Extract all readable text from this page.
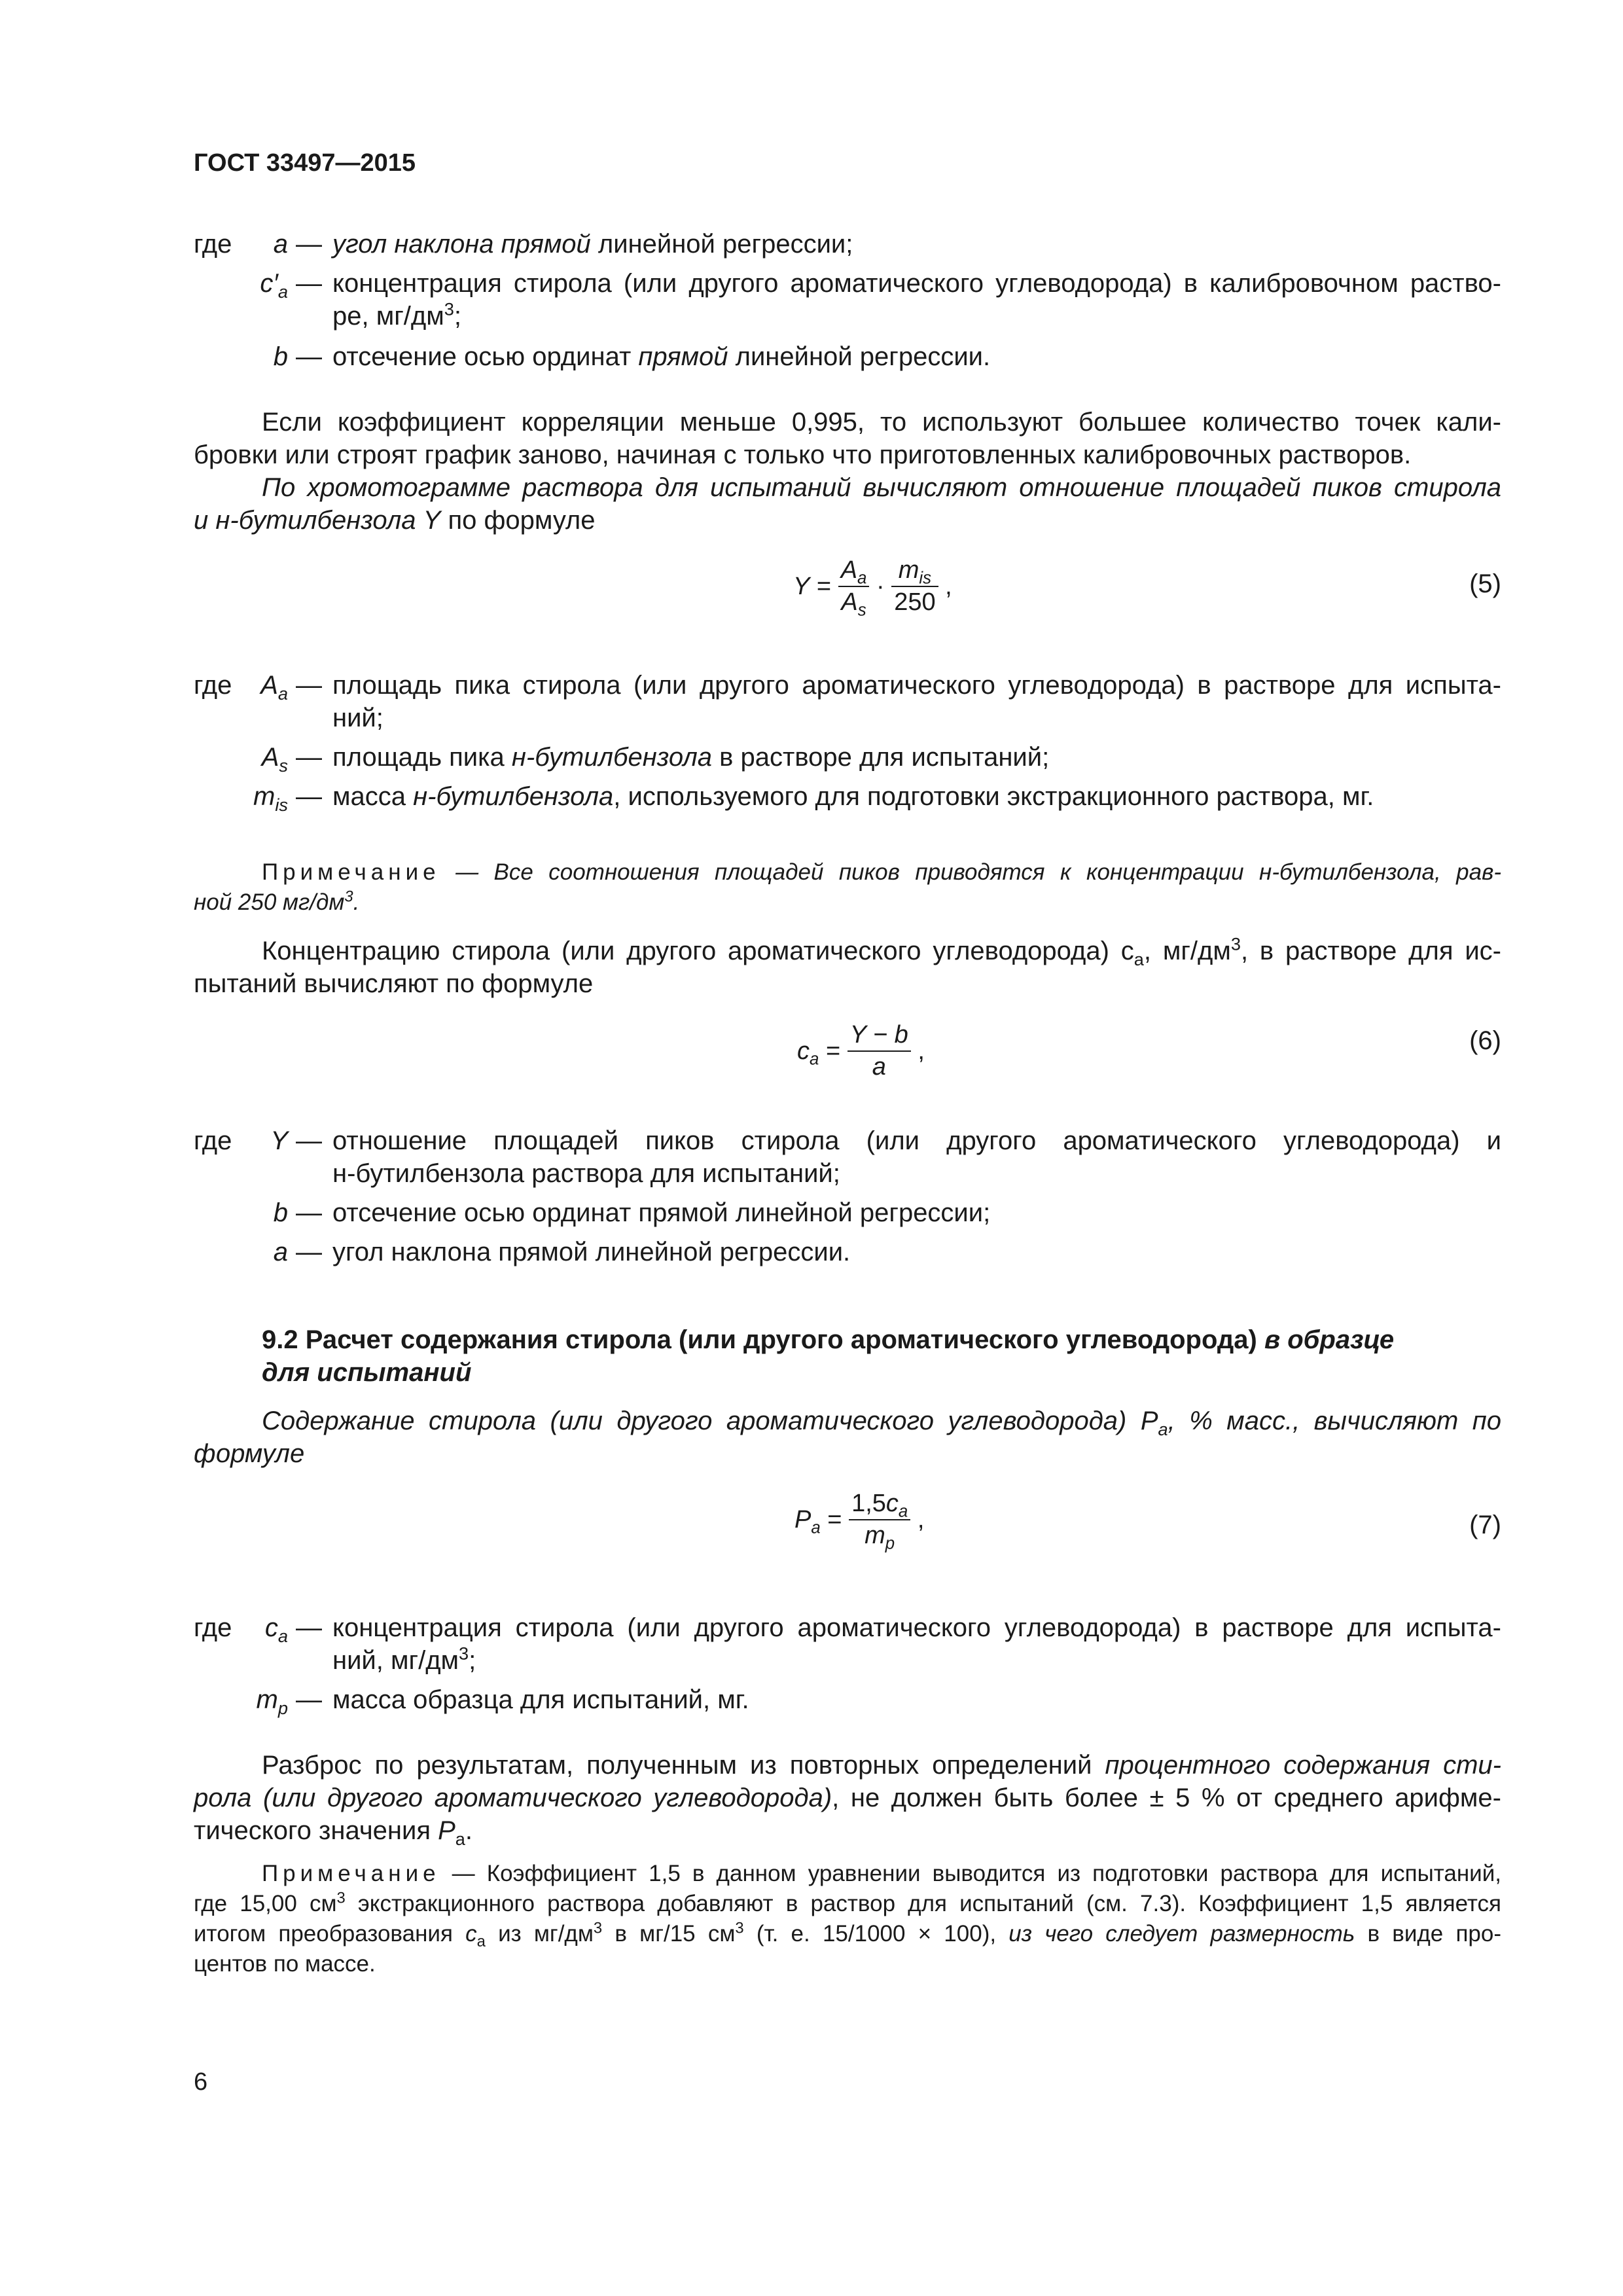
ГОСТ 33497—2015
где	a — угол наклона прямой линейной регрессии;
$c'_a$ — концентрация стирола (или другого ароматического углеводорода) в калибровочном раство-
ре, $мг/дм^3$;
b — отсечение осью ординат прямой линейной регрессии.
Если коэффициент корреляции меньше 0,995, то используют большее количество точек кали-
бровки или строят график заново, начиная с только что приготовленных калибровочных растворов.
По хромотограмме раствора для испытаний вычисляют отношение площадей пиков стирола
и н-бутилбензола Y по формуле
$Y = \frac{A_a}{A_s} \cdot \frac{m_{is}}{250}$ ,	(5)
где	$A_a$ — площадь пика стирола (или другого ароматического углеводорода) в растворе для испыта-
ний;
$A_s$ — площадь пика н-бутилбензола в растворе для испытаний;
$m_{is}$ — масса н-бутилбензола, используемого для подготовки экстракционного раствора, мг.
Примечание — Все соотношения площадей пиков приводятся к концентрации н-бутилбензола, рав-
ной 250 $мг/дм^3$.
Концентрацию стирола (или другого ароматического углеводорода) $c_a$, $мг/дм^3$, в растворе для ис-
пытаний вычисляют по формуле
$c_a = \frac{Y - b}{a}$ ,	(6)
где	Y — отношение площадей пиков стирола (или другого ароматического углеводорода) и
н-бутилбензола раствора для испытаний;
b — отсечение осью ординат прямой линейной регрессии;
a — угол наклона прямой линейной регрессии.
9.2 Расчет содержания стирола (или другого ароматического углеводорода) в образце
для испытаний
Содержание стирола (или другого ароматического углеводорода) $P_a$, % масс., вычисляют по
формуле
$P_a = \frac{1,5c_a}{m_p}$ ,	(7)
где	$c_a$ — концентрация стирола (или другого ароматического углеводорода) в растворе для испыта-
ний, $мг/дм^3$;
$m_p$ — масса образца для испытаний, мг.
Разброс по результатам, полученным из повторных определений процентного содержания сти-
рола (или другого ароматического углеводорода), не должен быть более ± 5 % от среднего арифме-
тического значения $P_a$.
Примечание — Коэффициент 1,5 в данном уравнении выводится из подготовки раствора для испытаний,
где 15,00 $см^3$ экстракционного раствора добавляют в раствор для испытаний (см. 7.3). Коэффициент 1,5 является
итогом преобразования $c_a$ из $мг/дм^3$ в мг/15 $см^3$ (т. е. 15/1000 × 100), из чего следует размерность в виде про-
центов по массе.
6
